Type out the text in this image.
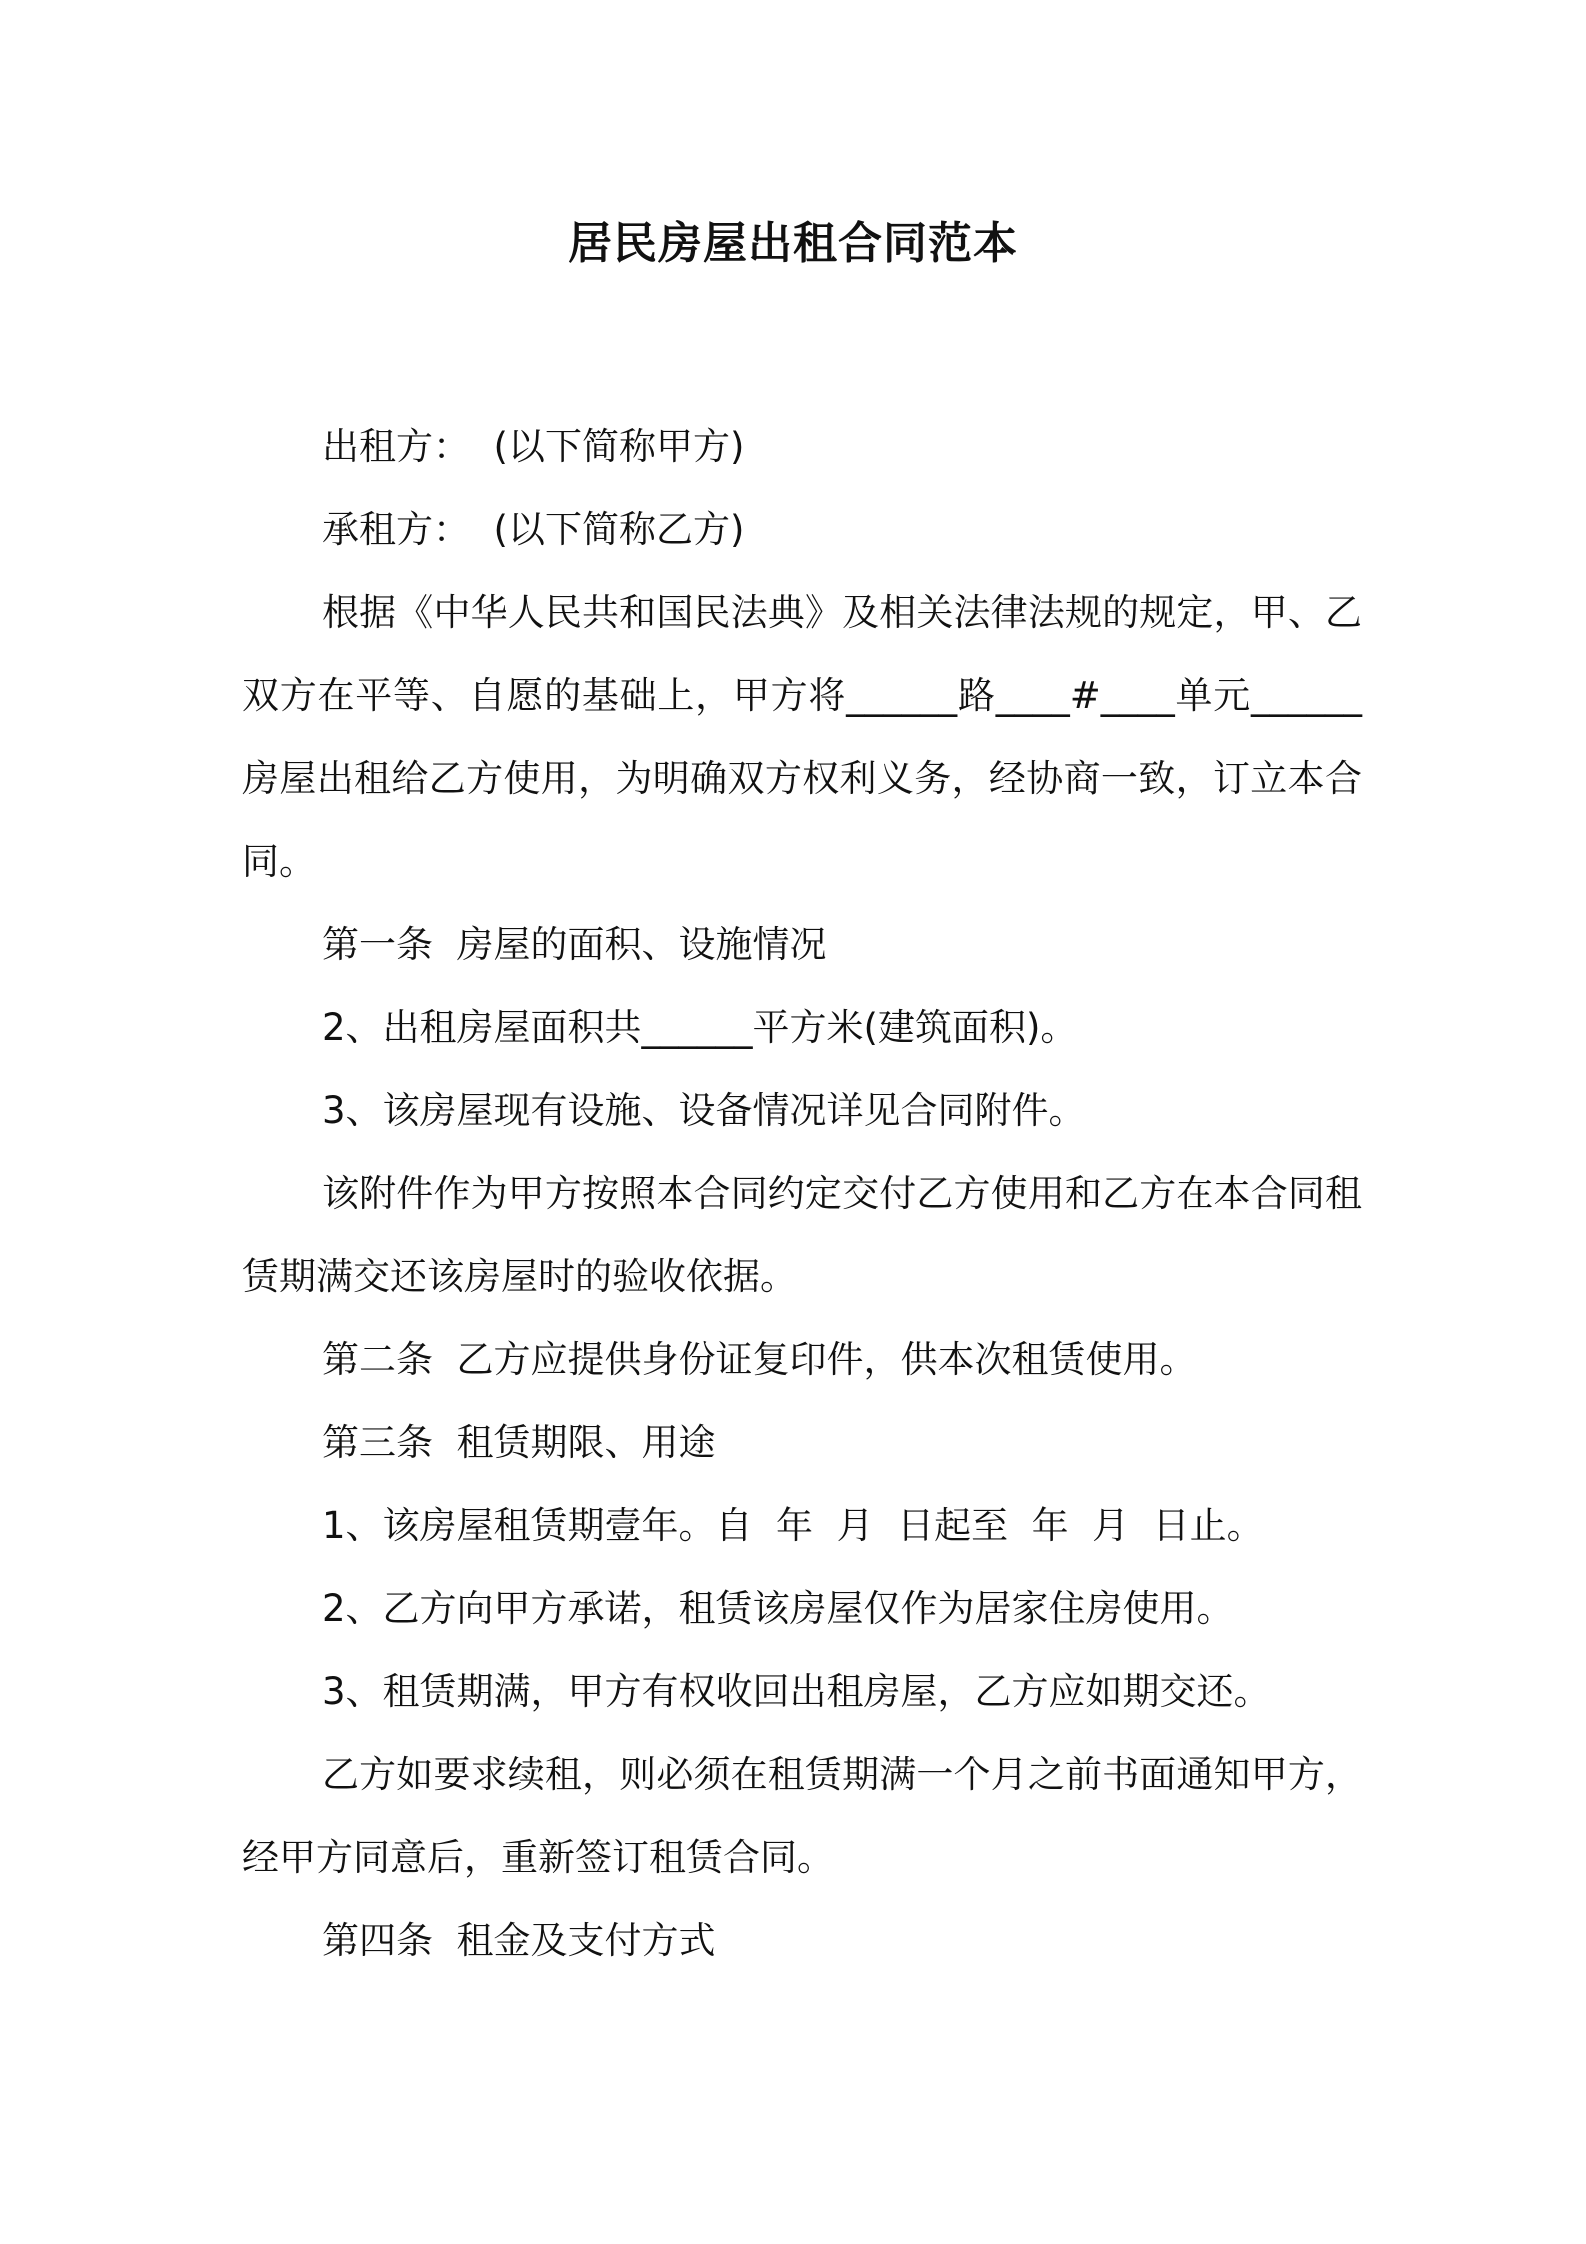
居民房屋出租合同范本

出租方：  (以下简称甲方)

承租方：  (以下简称乙方)

根据《中华人民共和国民法典》及相关法律法规的规定，甲、乙双方在平等、自愿的基础上，甲方将______路____#____单元______房屋出租给乙方使用，为明确双方权利义务，经协商一致，订立本合同。

第一条  房屋的面积、设施情况

2、出租房屋面积共______平方米(建筑面积)。

3、该房屋现有设施、设备情况详见合同附件。

该附件作为甲方按照本合同约定交付乙方使用和乙方在本合同租赁期满交还该房屋时的验收依据。

第二条  乙方应提供身份证复印件，供本次租赁使用。

第三条  租赁期限、用途

1、该房屋租赁期壹年。自  年  月  日起至  年  月  日止。

2、乙方向甲方承诺，租赁该房屋仅作为居家住房使用。

3、租赁期满，甲方有权收回出租房屋，乙方应如期交还。

乙方如要求续租，则必须在租赁期满一个月之前书面通知甲方，经甲方同意后，重新签订租赁合同。

第四条  租金及支付方式
